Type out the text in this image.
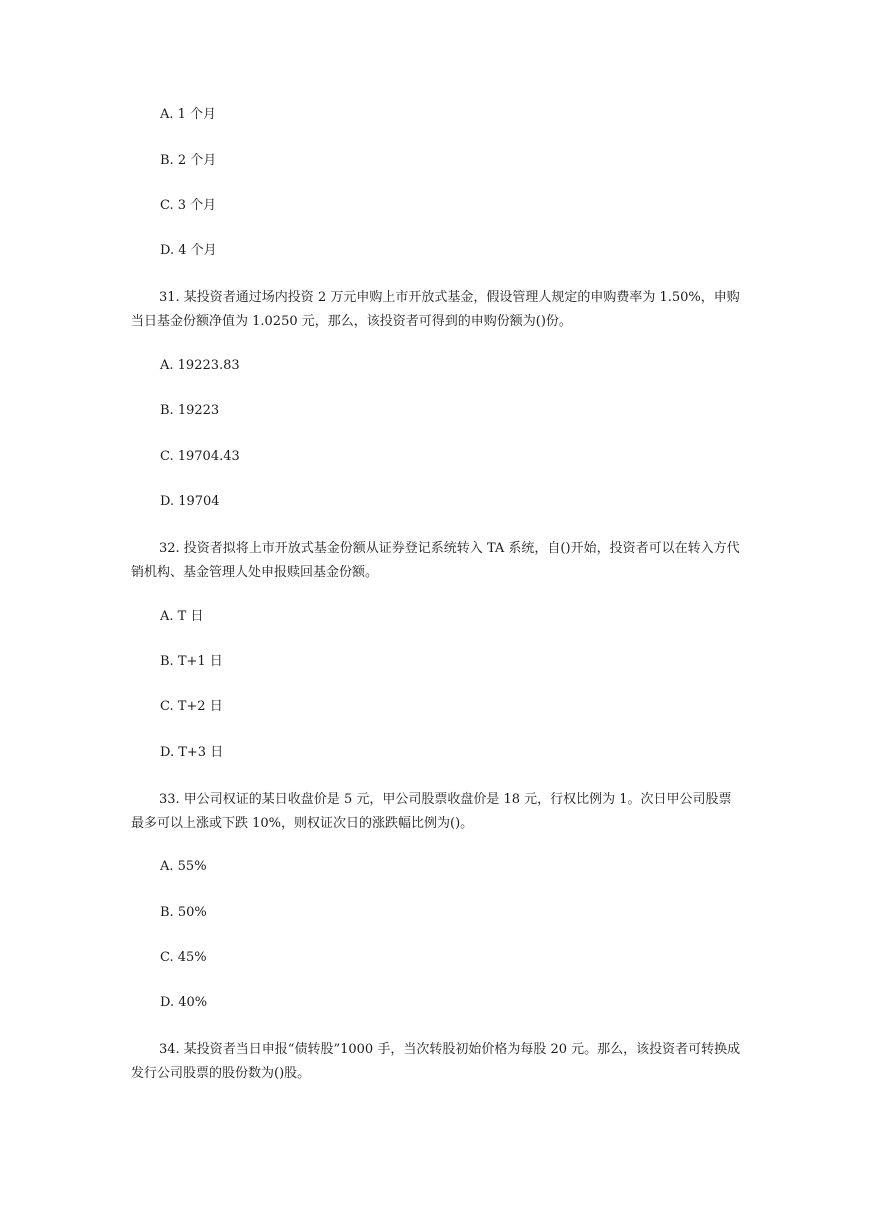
A. 1 个月

B. 2 个月

C. 3 个月

D. 4 个月

31. 某投资者通过场内投资 2 万元申购上市开放式基金，假设管理人规定的申购费率为 1.50%，申购当日基金份额净值为 1.0250 元，那么，该投资者可得到的申购份额为()份。

A. 19223.83

B. 19223

C. 19704.43

D. 19704

32. 投资者拟将上市开放式基金份额从证券登记系统转入 TA 系统，自()开始，投资者可以在转入方代销机构、基金管理人处申报赎回基金份额。

A. T 日

B. T+1 日

C. T+2 日

D. T+3 日

33. 甲公司权证的某日收盘价是 5 元，甲公司股票收盘价是 18 元，行权比例为 1。次日甲公司股票最多可以上涨或下跌 10%，则权证次日的涨跌幅比例为()。

A. 55%

B. 50%

C. 45%

D. 40%

34. 某投资者当日申报“债转股”1000 手，当次转股初始价格为每股 20 元。那么，该投资者可转换成发行公司股票的股份数为()股。
